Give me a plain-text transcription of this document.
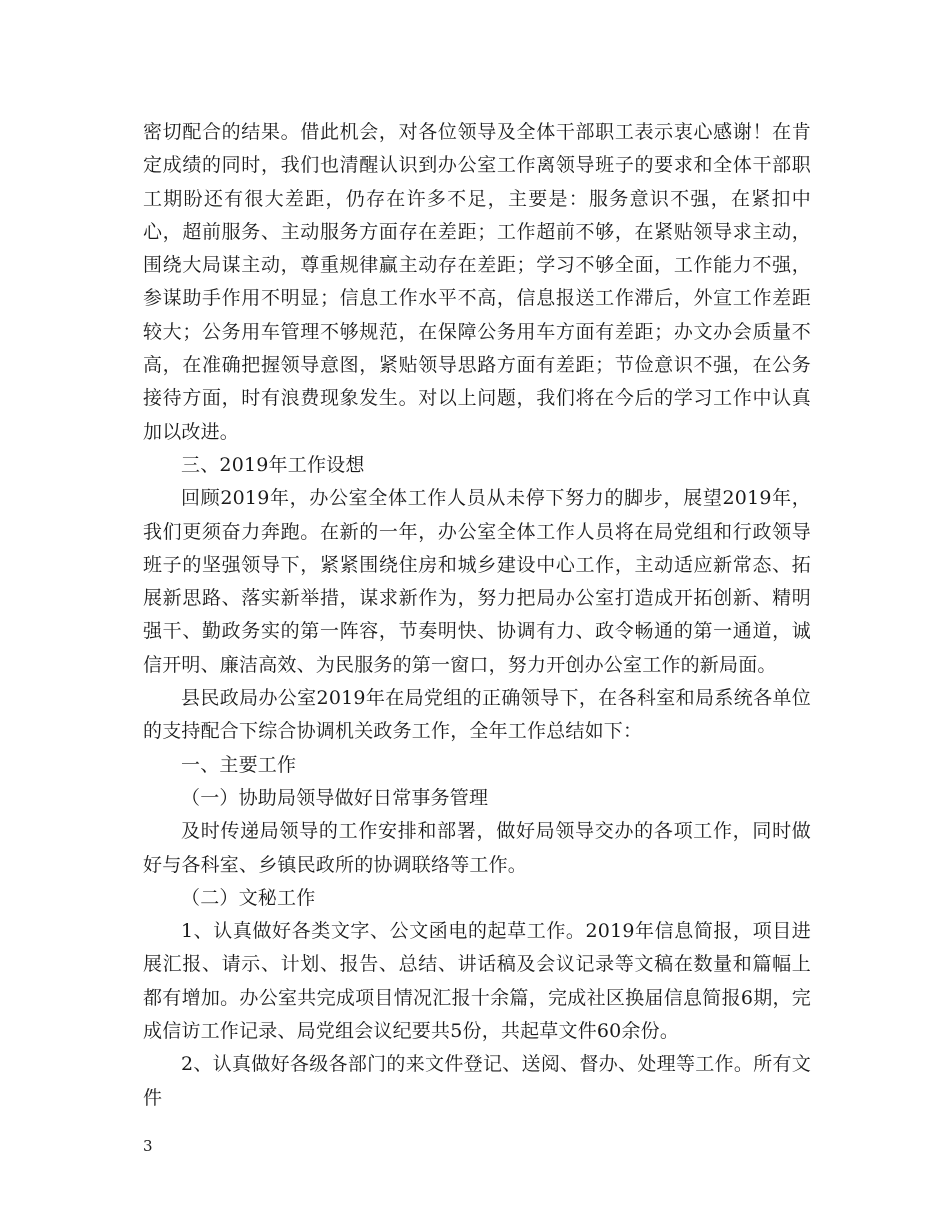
密切配合的结果。借此机会，对各位领导及全体干部职工表示衷心感谢！在肯定成绩的同时，我们也清醒认识到办公室工作离领导班子的要求和全体干部职工期盼还有很大差距，仍存在许多不足，主要是：服务意识不强，在紧扣中心，超前服务、主动服务方面存在差距；工作超前不够，在紧贴领导求主动，围绕大局谋主动，尊重规律赢主动存在差距；学习不够全面，工作能力不强，参谋助手作用不明显；信息工作水平不高，信息报送工作滞后，外宣工作差距较大；公务用车管理不够规范，在保障公务用车方面有差距；办文办会质量不高，在准确把握领导意图，紧贴领导思路方面有差距；节俭意识不强，在公务接待方面，时有浪费现象发生。对以上问题，我们将在今后的学习工作中认真加以改进。

三、2019年工作设想

回顾2019年，办公室全体工作人员从未停下努力的脚步，展望2019年，我们更须奋力奔跑。在新的一年，办公室全体工作人员将在局党组和行政领导班子的坚强领导下，紧紧围绕住房和城乡建设中心工作，主动适应新常态、拓展新思路、落实新举措，谋求新作为，努力把局办公室打造成开拓创新、精明强干、勤政务实的第一阵容，节奏明快、协调有力、政令畅通的第一通道，诚信开明、廉洁高效、为民服务的第一窗口，努力开创办公室工作的新局面。

县民政局办公室2019年在局党组的正确领导下，在各科室和局系统各单位的支持配合下综合协调机关政务工作，全年工作总结如下：

一、主要工作

（一）协助局领导做好日常事务管理

及时传递局领导的工作安排和部署，做好局领导交办的各项工作，同时做好与各科室、乡镇民政所的协调联络等工作。

（二）文秘工作

1、认真做好各类文字、公文函电的起草工作。2019年信息简报，项目进展汇报、请示、计划、报告、总结、讲话稿及会议记录等文稿在数量和篇幅上都有增加。办公室共完成项目情况汇报十余篇，完成社区换届信息简报6期，完成信访工作记录、局党组会议纪要共5份，共起草文件60余份。

2、认真做好各级各部门的来文件登记、送阅、督办、处理等工作。所有文件

3
